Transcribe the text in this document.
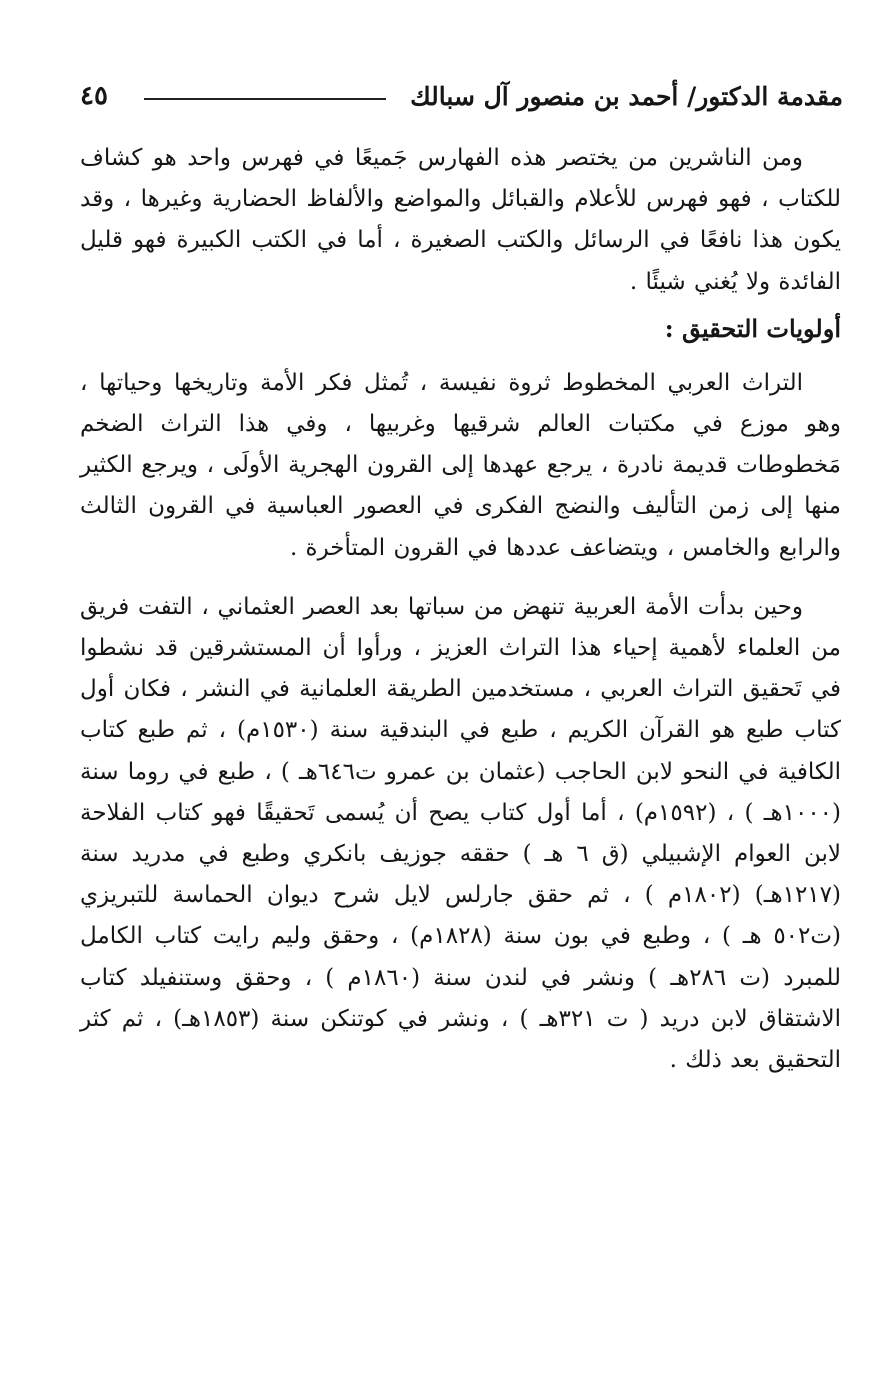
مقدمة الدكتور/ أحمد بن منصور آل سبالك
٤٥

ومن الناشرين من يختصر هذه الفهارس جَميعًا في فهرس واحد هو كشاف للكتاب ، فهو فهرس للأعلام والقبائل والمواضع والألفاظ الحضارية وغيرها ، وقد يكون هذا نافعًا في الرسائل والكتب الصغيرة ، أما في الكتب الكبيرة فهو قليل الفائدة ولا يُغني شيئًا .

أولويات التحقيق :

التراث العربي المخطوط ثروة نفيسة ، تُمثل فكر الأمة وتاريخها وحياتها ، وهو موزع في مكتبات العالم شرقيها وغربيها ، وفي هذا التراث الضخم مَخطوطات قديمة نادرة ، يرجع عهدها إلى القرون الهجرية الأولَى ، ويرجع الكثير منها إلى زمن التأليف والنضج الفكرى في العصور العباسية في القرون الثالث والرابع والخامس ، ويتضاعف عددها في القرون المتأخرة .

وحين بدأت الأمة العربية تنهض من سباتها بعد العصر العثماني ، التفت فريق من العلماء لأهمية إحياء هذا التراث العزيز ، ورأوا أن المستشرقين قد نشطوا في تَحقيق التراث العربي ، مستخدمين الطريقة العلمانية في النشر ، فكان أول كتاب طبع هو القرآن الكريم ، طبع في البندقية سنة (١٥٣٠م) ، ثم طبع كتاب الكافية في النحو لابن الحاجب (عثمان بن عمرو ت٦٤٦هـ ) ، طبع في روما سنة (١٠٠٠هـ ) ، (١٥٩٢م) ، أما أول كتاب يصح أن يُسمى تَحقيقًا فهو كتاب الفلاحة لابن العوام الإشبيلي (ق ٦ هـ ) حققه جوزيف بانكري وطبع في مدريد سنة (١٢١٧هـ) (١٨٠٢م ) ، ثم حقق جارلس لايل شرح ديوان الحماسة للتبريزي (ت٥٠٢ هـ ) ، وطبع في بون سنة (١٨٢٨م) ، وحقق وليم رايت كتاب الكامل للمبرد (ت ٢٨٦هـ ) ونشر في لندن سنة (١٨٦٠م ) ، وحقق وستنفيلد كتاب الاشتقاق لابن دريد ( ت ٣٢١هـ ) ، ونشر في كوتنكن سنة (١٨٥٣هـ) ، ثم كثر التحقيق بعد ذلك .
